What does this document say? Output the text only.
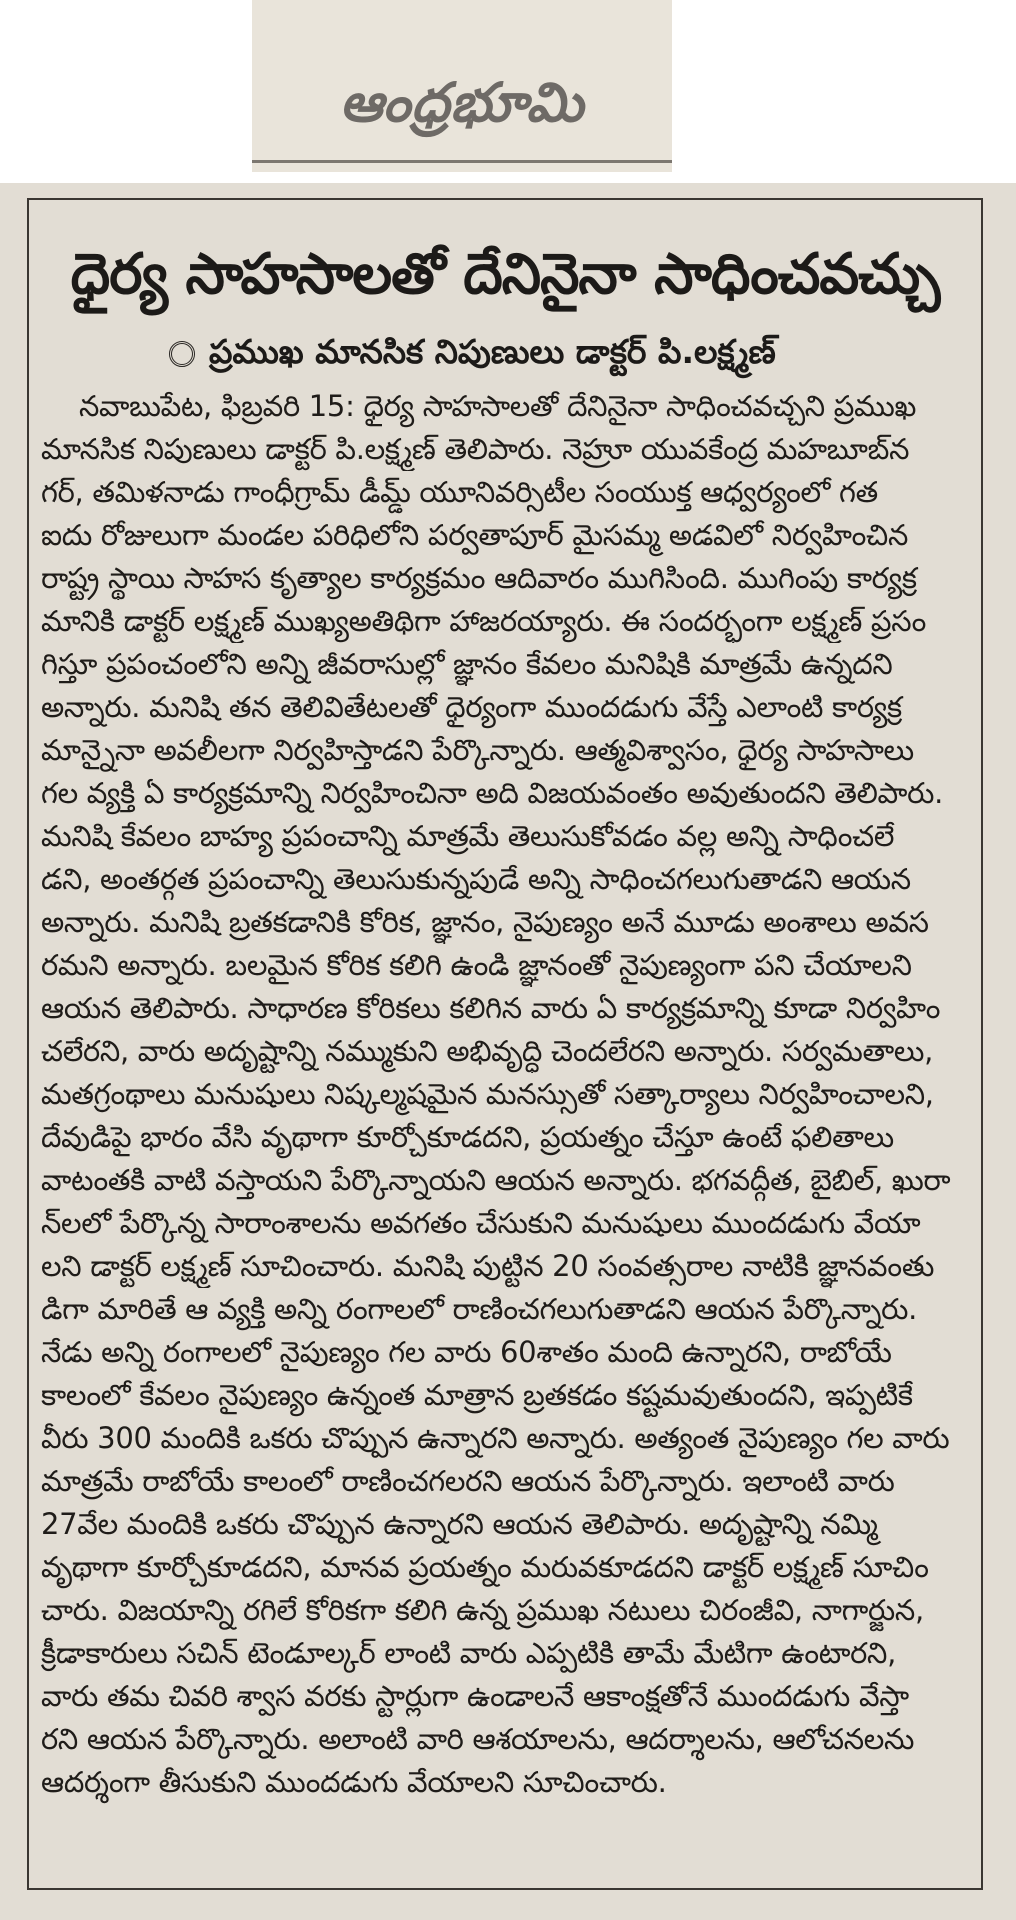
ఆంధ్రభూమి
ధైర్య సాహసాలతో దేనినైనా సాధించవచ్చు
ప్రముఖ మానసిక నిపుణులు డాక్టర్ పి.లక్ష్మణ్
నవాబుపేట, ఫిబ్రవరి 15: ధైర్య సాహసాలతో దేనినైనా సాధించవచ్చని ప్రముఖ
మానసిక నిపుణులు డాక్టర్ పి.లక్ష్మణ్ తెలిపారు. నెహ్రూ యువకేంద్ర మహబూబ్‌న
గర్, తమిళనాడు గాంధీగ్రామ్ డీమ్డ్ యూనివర్సిటీల సంయుక్త ఆధ్వర్యంలో గత
ఐదు రోజులుగా మండల పరిధిలోని పర్వతాపూర్ మైసమ్మ అడవిలో నిర్వహించిన
రాష్ట్ర స్థాయి సాహస కృత్యాల కార్యక్రమం ఆదివారం ముగిసింది. ముగింపు కార్యక్ర
మానికి డాక్టర్ లక్ష్మణ్ ముఖ్యఅతిథిగా హాజరయ్యారు. ఈ సందర్భంగా లక్ష్మణ్ ప్రసం
గిస్తూ ప్రపంచంలోని అన్ని జీవరాసుల్లో జ్ఞానం కేవలం మనిషికి మాత్రమే ఉన్నదని
అన్నారు. మనిషి తన తెలివితేటలతో ధైర్యంగా ముందడుగు వేస్తే ఎలాంటి కార్యక్ర
మాన్నైనా అవలీలగా నిర్వహిస్తాడని పేర్కొన్నారు. ఆత్మవిశ్వాసం, ధైర్య సాహసాలు
గల వ్యక్తి ఏ కార్యక్రమాన్ని నిర్వహించినా అది విజయవంతం అవుతుందని తెలిపారు.
మనిషి కేవలం బాహ్య ప్రపంచాన్ని మాత్రమే తెలుసుకోవడం వల్ల అన్ని సాధించలే
డని, అంతర్గత ప్రపంచాన్ని తెలుసుకున్నపుడే అన్ని సాధించగలుగుతాడని ఆయన
అన్నారు. మనిషి బ్రతకడానికి కోరిక, జ్ఞానం, నైపుణ్యం అనే మూడు అంశాలు అవస
రమని అన్నారు. బలమైన కోరిక కలిగి ఉండి జ్ఞానంతో నైపుణ్యంగా పని చేయాలని
ఆయన తెలిపారు. సాధారణ కోరికలు కలిగిన వారు ఏ కార్యక్రమాన్ని కూడా నిర్వహిం
చలేరని, వారు అదృష్టాన్ని నమ్ముకుని అభివృద్ధి చెందలేరని అన్నారు. సర్వమతాలు,
మతగ్రంథాలు మనుషులు నిష్కల్మషమైన మనస్సుతో సత్కార్యాలు నిర్వహించాలని,
దేవుడిపై భారం వేసి వృథాగా కూర్చోకూడదని, ప్రయత్నం చేస్తూ ఉంటే ఫలితాలు
వాటంతకి వాటి వస్తాయని పేర్కొన్నాయని ఆయన అన్నారు. భగవద్గీత, బైబిల్, ఖురా
న్‌లలో పేర్కొన్న సారాంశాలను అవగతం చేసుకుని మనుషులు ముందడుగు వేయా
లని డాక్టర్ లక్ష్మణ్ సూచించారు. మనిషి పుట్టిన 20 సంవత్సరాల నాటికి జ్ఞానవంతు
డిగా మారితే ఆ వ్యక్తి అన్ని రంగాలలో రాణించగలుగుతాడని ఆయన పేర్కొన్నారు.
నేడు అన్ని రంగాలలో నైపుణ్యం గల వారు 60శాతం మంది ఉన్నారని, రాబోయే
కాలంలో కేవలం నైపుణ్యం ఉన్నంత మాత్రాన బ్రతకడం కష్టమవుతుందని, ఇప్పటికే
వీరు 300 మందికి ఒకరు చొప్పున ఉన్నారని అన్నారు. అత్యంత నైపుణ్యం గల వారు
మాత్రమే రాబోయే కాలంలో రాణించగలరని ఆయన పేర్కొన్నారు. ఇలాంటి వారు
27వేల మందికి ఒకరు చొప్పున ఉన్నారని ఆయన తెలిపారు. అదృష్టాన్ని నమ్మి
వృథాగా కూర్చోకూడదని, మానవ ప్రయత్నం మరువకూడదని డాక్టర్ లక్ష్మణ్ సూచిం
చారు. విజయాన్ని రగిలే కోరికగా కలిగి ఉన్న ప్రముఖ నటులు చిరంజీవి, నాగార్జున,
క్రీడాకారులు సచిన్ టెండూల్కర్ లాంటి వారు ఎప్పటికి తామే మేటిగా ఉంటారని,
వారు తమ చివరి శ్వాస వరకు స్టార్లుగా ఉండాలనే ఆకాంక్షతోనే ముందడుగు వేస్తా
రని ఆయన పేర్కొన్నారు. అలాంటి వారి ఆశయాలను, ఆదర్శాలను, ఆలోచనలను
ఆదర్శంగా తీసుకుని ముందడుగు వేయాలని సూచించారు.
